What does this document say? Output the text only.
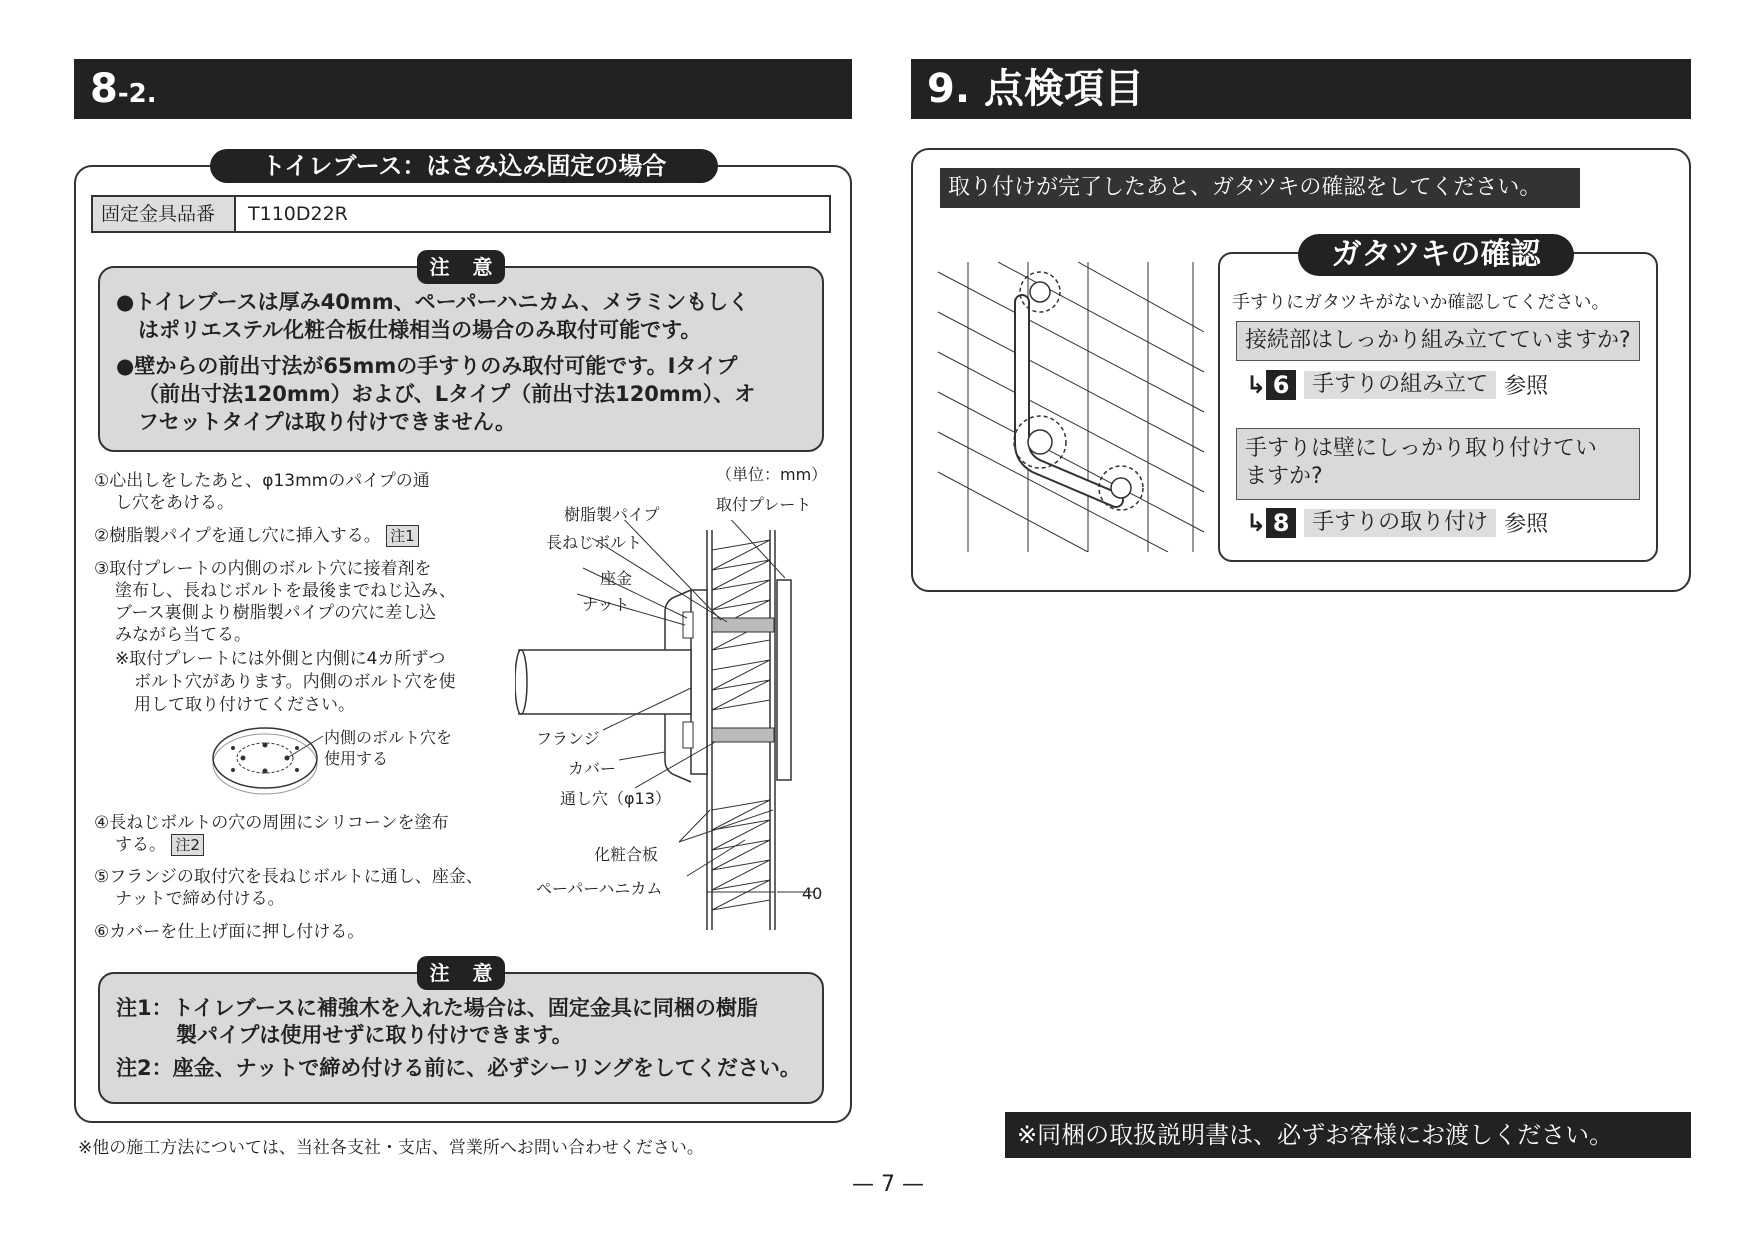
8-2.
トイレブース：はさみ込み固定の場合
固定金具品番	T110D22R
注 意
●トイレブースは厚み40mm、ペーパーハニカム、メラミンもしく
はポリエステル化粧合板仕様相当の場合のみ取付可能です。
●壁からの前出寸法が65mmの手すりのみ取付可能です。Iタイプ
（前出寸法120mm）および、Lタイプ（前出寸法120mm）、オ
フセットタイプは取り付けできません。
①心出しをしたあと、φ13mmのパイプの通
し穴をあける。
②樹脂製パイプを通し穴に挿入する。 注1
③取付プレートの内側のボルト穴に接着剤を
塗布し、長ねじボルトを最後までねじ込み、
ブース裏側より樹脂製パイプの穴に差し込
みながら当てる。
※取付プレートには外側と内側に4カ所ずつ
ボルト穴があります。内側のボルト穴を使
用して取り付けてください。
内側のボルト穴を
使用する
④長ねじボルトの穴の周囲にシリコーンを塗布
する。 注2
⑤フランジの取付穴を長ねじボルトに通し、座金、
ナットで締め付ける。
⑥カバーを仕上げ面に押し付ける。
（単位：mm）
取付プレート
樹脂製パイプ
長ねじボルト
座金
ナット
フランジ
カバー
通し穴（φ13）
化粧合板
ペーパーハニカム	40
注 意
注1：トイレブースに補強木を入れた場合は、固定金具に同梱の樹脂
製パイプは使用せずに取り付けできます。
注2：座金、ナットで締め付ける前に、必ずシーリングをしてください。
※他の施工方法については、当社各支社・支店、営業所へお問い合わせください。
— 7 —
9. 点検項目
取り付けが完了したあと、ガタツキの確認をしてください。
ガタツキの確認
手すりにガタツキがないか確認してください。
接続部はしっかり組み立てていますか?
↳ 6	手すりの組み立て 参照
手すりは壁にしっかり取り付けてい
ますか?
↳ 8	手すりの取り付け 参照
※同梱の取扱説明書は、必ずお客様にお渡しください。
